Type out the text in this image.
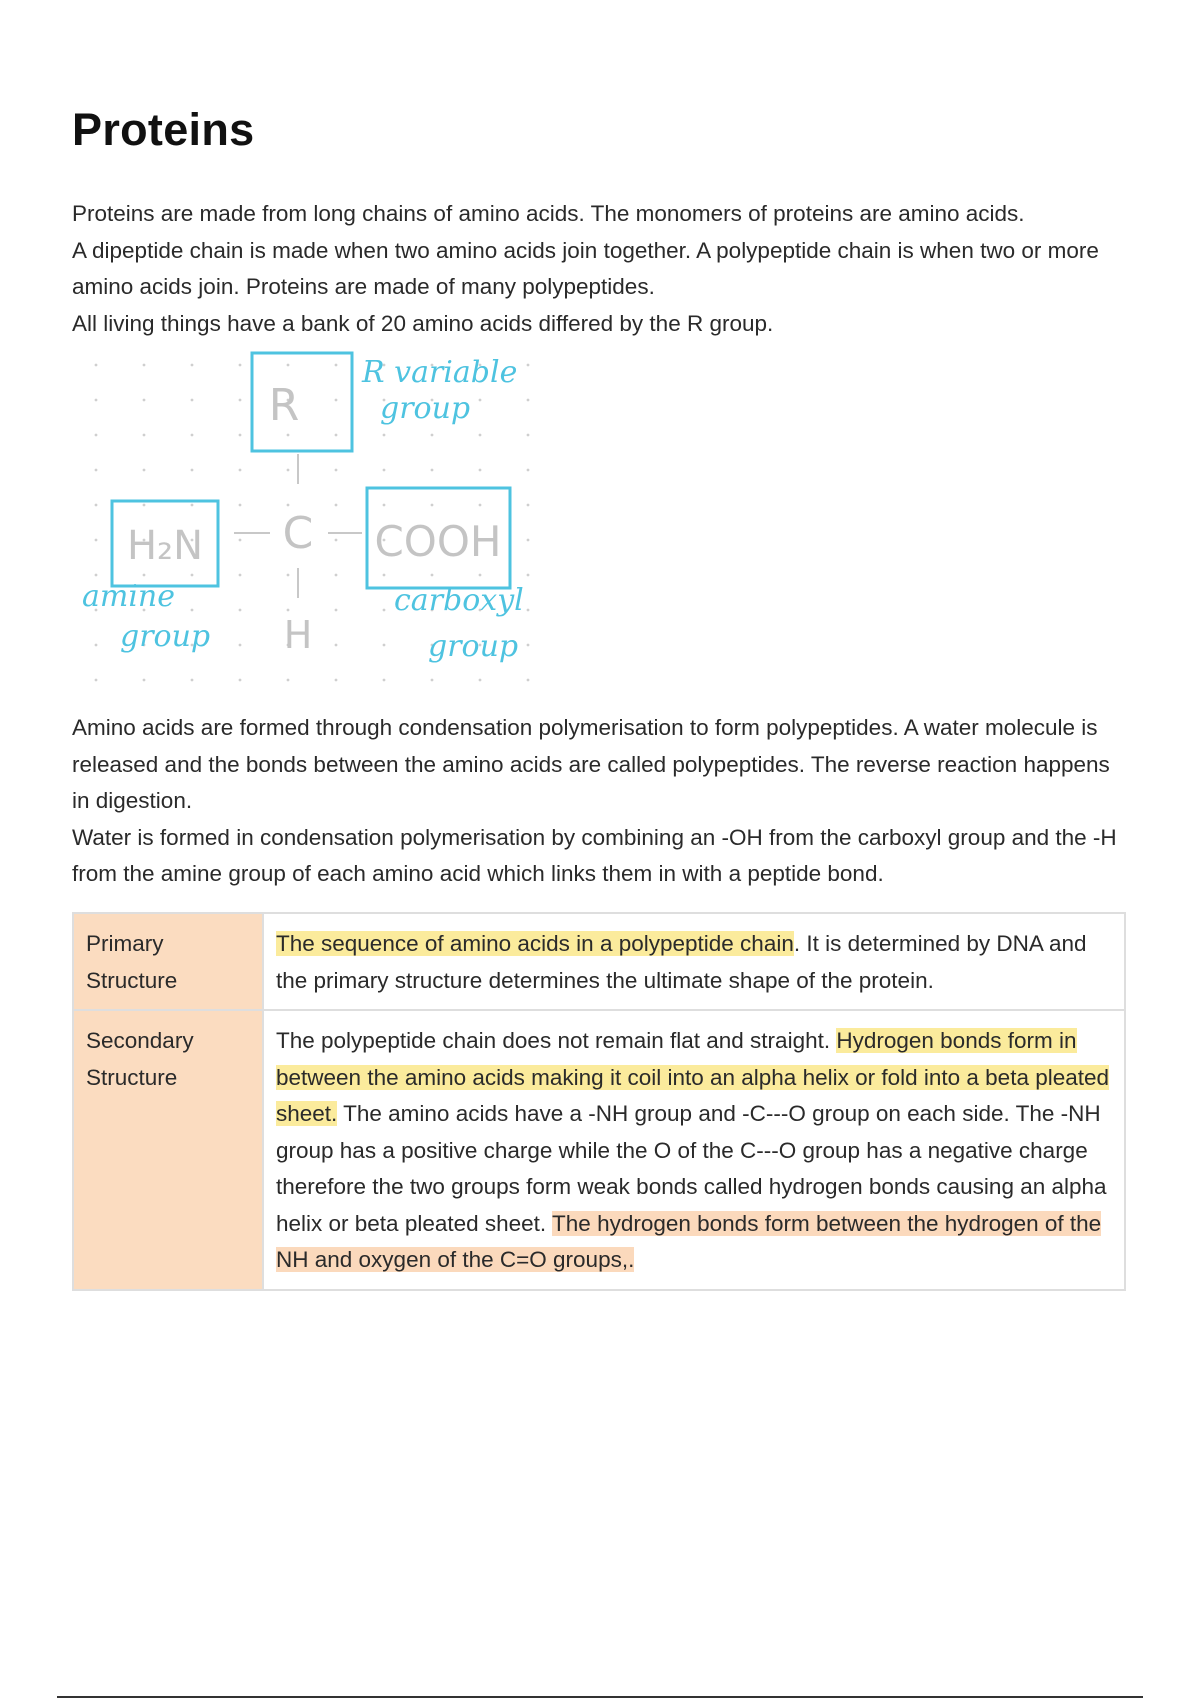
Proteins

Proteins are made from long chains of amino acids. The monomers of proteins are amino acids.

A dipeptide chain is made when two amino acids join together. A polypeptide chain is when two or more amino acids join. Proteins are made of many polypeptides.

All living things have a bank of 20 amino acids differed by the R group.

R
C
H
H₂N	COOH
R variable
group
amine
group
carboxyl
group

Amino acids are formed through condensation polymerisation to form polypeptides. A water molecule is released and the bonds between the amino acids are called polypeptides. The reverse reaction happens in digestion.

Water is formed in condensation polymerisation by combining an -OH from the carboxyl group and the -H from the amine group of each amino acid which links them in with a peptide bond.

Primary Structure	The sequence of amino acids in a polypeptide chain. It is determined by DNA and the primary structure determines the ultimate shape of the protein.
Secondary Structure	The polypeptide chain does not remain flat and straight. Hydrogen bonds form in between the amino acids making it coil into an alpha helix or fold into a beta pleated sheet. The amino acids have a -NH group and -C---O group on each side. The -NH group has a positive charge while the O of the C---O group has a negative charge therefore the two groups form weak bonds called hydrogen bonds causing an alpha helix or beta pleated sheet. The hydrogen bonds form between the hydrogen of the NH and oxygen of the C=O groups,.
